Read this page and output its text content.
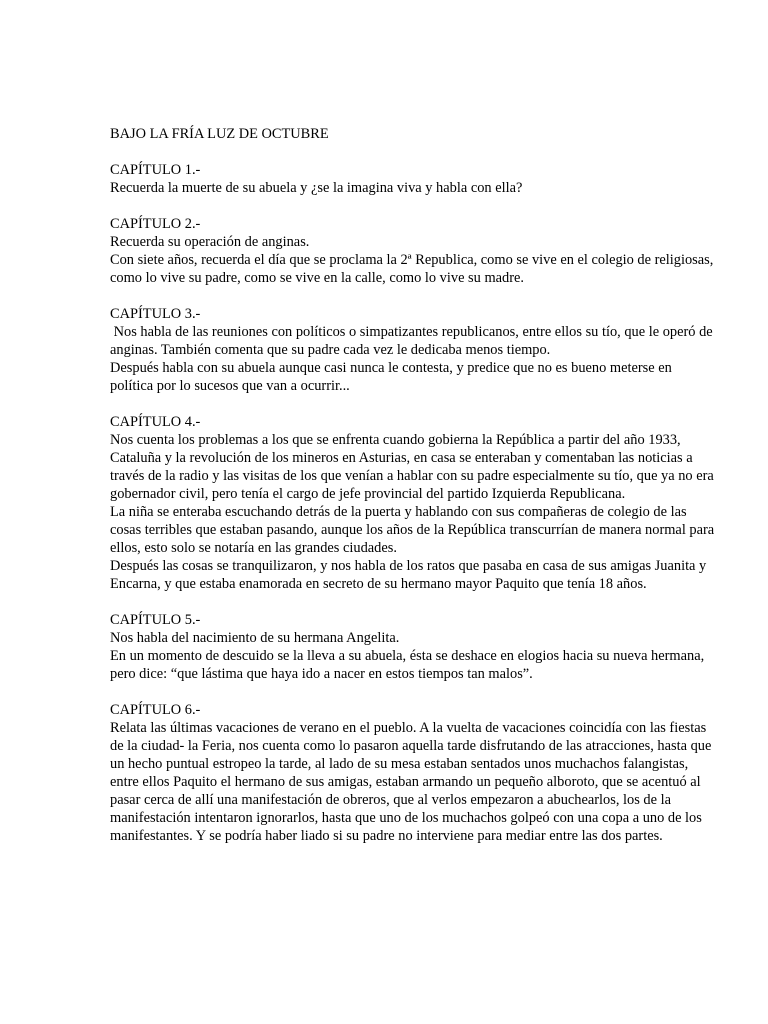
BAJO LA FRÍA LUZ DE OCTUBRE
CAPÍTULO 1.-

Recuerda la muerte de su abuela y ¿se la imagina viva y habla con ella?

CAPÍTULO 2.-

Recuerda su operación de anginas.

Con siete años, recuerda el día que se proclama la 2ª Republica, como se vive en el colegio de religiosas, como lo vive su padre, como se vive en la calle, como lo vive su madre.

CAPÍTULO 3.-

Nos habla de las reuniones con políticos o simpatizantes republicanos, entre ellos su tío, que le operó de anginas. También comenta que su padre cada vez le dedicaba menos tiempo.

Después habla con su abuela aunque casi nunca le contesta, y predice que no es bueno meterse en política por lo sucesos que van a ocurrir...

CAPÍTULO 4.-

Nos cuenta los problemas a los que se enfrenta cuando gobierna la República a partir del año 1933, Cataluña y la revolución de los mineros en Asturias, en casa se enteraban y comentaban las noticias a través de la radio y las visitas de los que venían a hablar con su padre especialmente su tío, que ya no era gobernador civil, pero tenía el cargo de jefe provincial del partido Izquierda Republicana.

La niña se enteraba escuchando detrás de la puerta y hablando con sus compañeras de colegio de las cosas terribles que estaban pasando, aunque los años de la República transcurrían de manera normal para ellos, esto solo se notaría en las grandes ciudades.

Después las cosas se tranquilizaron, y nos habla de los ratos que pasaba en casa de sus amigas Juanita y Encarna, y que estaba enamorada en secreto de su hermano mayor Paquito que tenía 18 años.

CAPÍTULO 5.-

Nos habla del nacimiento de su hermana Angelita.

En un momento de descuido se la lleva a su abuela, ésta se deshace en elogios hacia su nueva hermana, pero dice: “que lástima que haya ido a nacer en estos tiempos tan malos”.

CAPÍTULO 6.-

Relata las últimas vacaciones de verano en el pueblo. A la vuelta de vacaciones coincidía con las fiestas de la ciudad- la Feria, nos cuenta como lo pasaron aquella tarde disfrutando de las atracciones, hasta que un hecho puntual estropeo la tarde, al lado de su mesa estaban sentados unos muchachos falangistas, entre ellos Paquito el hermano de sus amigas, estaban armando un pequeño alboroto, que se acentuó al pasar cerca de allí una manifestación de obreros, que al verlos empezaron a abuchearlos, los de la manifestación intentaron ignorarlos, hasta que uno de los muchachos golpeó con una copa a uno de los manifestantes. Y se podría haber liado si su padre no interviene para mediar entre las dos partes.
